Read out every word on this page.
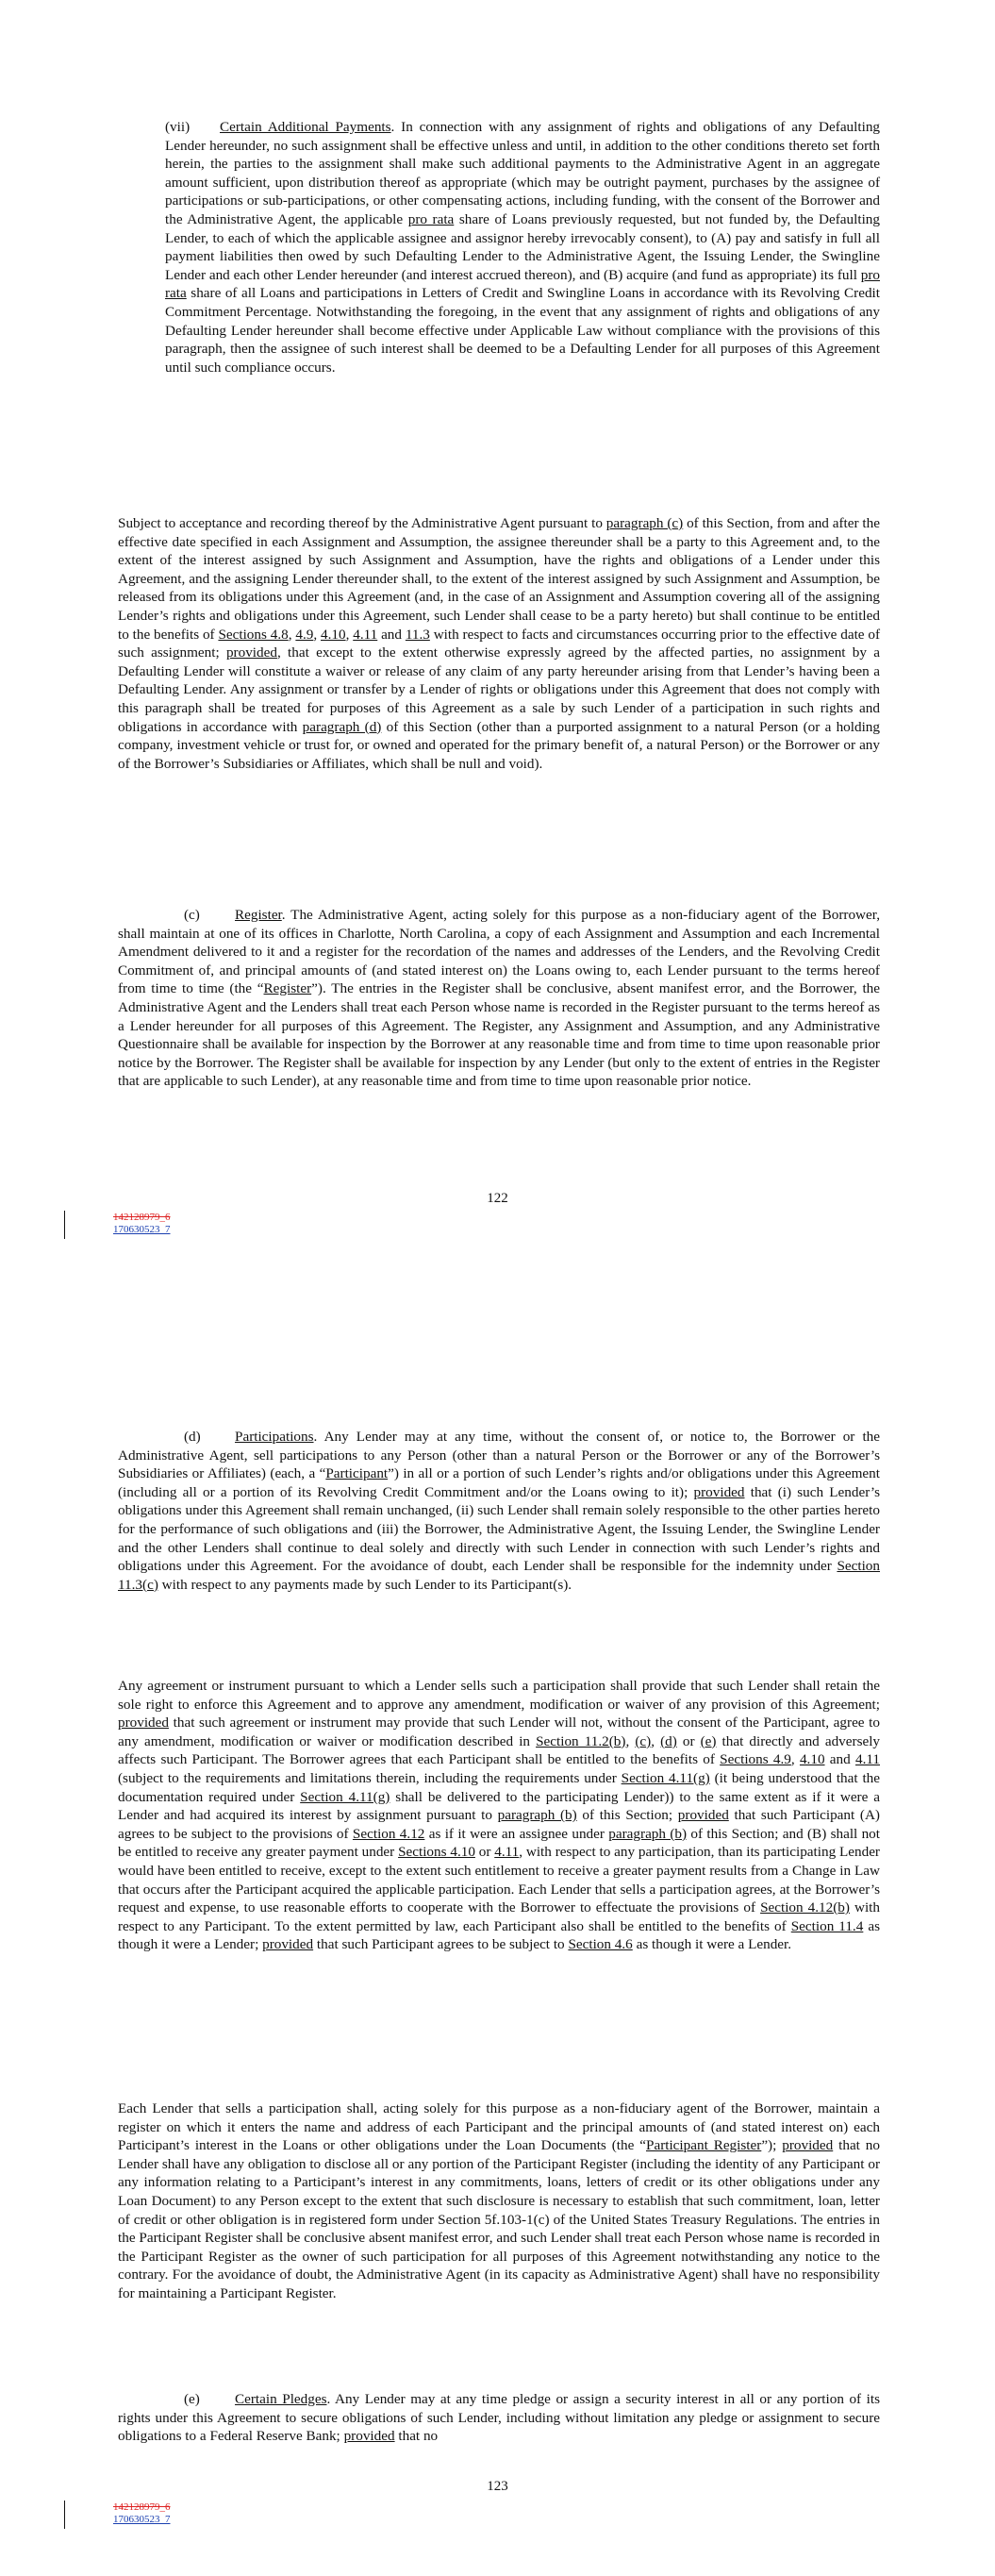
(vii) Certain Additional Payments. In connection with any assignment of rights and obligations of any Defaulting Lender hereunder, no such assignment shall be effective unless and until, in addition to the other conditions thereto set forth herein, the parties to the assignment shall make such additional payments to the Administrative Agent in an aggregate amount sufficient, upon distribution thereof as appropriate (which may be outright payment, purchases by the assignee of participations or sub-participations, or other compensating actions, including funding, with the consent of the Borrower and the Administrative Agent, the applicable pro rata share of Loans previously requested, but not funded by, the Defaulting Lender, to each of which the applicable assignee and assignor hereby irrevocably consent), to (A) pay and satisfy in full all payment liabilities then owed by such Defaulting Lender to the Administrative Agent, the Issuing Lender, the Swingline Lender and each other Lender hereunder (and interest accrued thereon), and (B) acquire (and fund as appropriate) its full pro rata share of all Loans and participations in Letters of Credit and Swingline Loans in accordance with its Revolving Credit Commitment Percentage. Notwithstanding the foregoing, in the event that any assignment of rights and obligations of any Defaulting Lender hereunder shall become effective under Applicable Law without compliance with the provisions of this paragraph, then the assignee of such interest shall be deemed to be a Defaulting Lender for all purposes of this Agreement until such compliance occurs.

Subject to acceptance and recording thereof by the Administrative Agent pursuant to paragraph (c) of this Section, from and after the effective date specified in each Assignment and Assumption, the assignee thereunder shall be a party to this Agreement and, to the extent of the interest assigned by such Assignment and Assumption, have the rights and obligations of a Lender under this Agreement, and the assigning Lender thereunder shall, to the extent of the interest assigned by such Assignment and Assumption, be released from its obligations under this Agreement (and, in the case of an Assignment and Assumption covering all of the assigning Lender’s rights and obligations under this Agreement, such Lender shall cease to be a party hereto) but shall continue to be entitled to the benefits of Sections 4.8, 4.9, 4.10, 4.11 and 11.3 with respect to facts and circumstances occurring prior to the effective date of such assignment; provided, that except to the extent otherwise expressly agreed by the affected parties, no assignment by a Defaulting Lender will constitute a waiver or release of any claim of any party hereunder arising from that Lender’s having been a Defaulting Lender. Any assignment or transfer by a Lender of rights or obligations under this Agreement that does not comply with this paragraph shall be treated for purposes of this Agreement as a sale by such Lender of a participation in such rights and obligations in accordance with paragraph (d) of this Section (other than a purported assignment to a natural Person (or a holding company, investment vehicle or trust for, or owned and operated for the primary benefit of, a natural Person) or the Borrower or any of the Borrower’s Subsidiaries or Affiliates, which shall be null and void).

(c) Register. The Administrative Agent, acting solely for this purpose as a non-fiduciary agent of the Borrower, shall maintain at one of its offices in Charlotte, North Carolina, a copy of each Assignment and Assumption and each Incremental Amendment delivered to it and a register for the recordation of the names and addresses of the Lenders, and the Revolving Credit Commitment of, and principal amounts of (and stated interest on) the Loans owing to, each Lender pursuant to the terms hereof from time to time (the “Register”). The entries in the Register shall be conclusive, absent manifest error, and the Borrower, the Administrative Agent and the Lenders shall treat each Person whose name is recorded in the Register pursuant to the terms hereof as a Lender hereunder for all purposes of this Agreement. The Register, any Assignment and Assumption, and any Administrative Questionnaire shall be available for inspection by the Borrower at any reasonable time and from time to time upon reasonable prior notice by the Borrower. The Register shall be available for inspection by any Lender (but only to the extent of entries in the Register that are applicable to such Lender), at any reasonable time and from time to time upon reasonable prior notice.

122
142128979_6
170630523_7

(d) Participations. Any Lender may at any time, without the consent of, or notice to, the Borrower or the Administrative Agent, sell participations to any Person (other than a natural Person or the Borrower or any of the Borrower’s Subsidiaries or Affiliates) (each, a “Participant”) in all or a portion of such Lender’s rights and/or obligations under this Agreement (including all or a portion of its Revolving Credit Commitment and/or the Loans owing to it); provided that (i) such Lender’s obligations under this Agreement shall remain unchanged, (ii) such Lender shall remain solely responsible to the other parties hereto for the performance of such obligations and (iii) the Borrower, the Administrative Agent, the Issuing Lender, the Swingline Lender and the other Lenders shall continue to deal solely and directly with such Lender in connection with such Lender’s rights and obligations under this Agreement. For the avoidance of doubt, each Lender shall be responsible for the indemnity under Section 11.3(c) with respect to any payments made by such Lender to its Participant(s).

Any agreement or instrument pursuant to which a Lender sells such a participation shall provide that such Lender shall retain the sole right to enforce this Agreement and to approve any amendment, modification or waiver of any provision of this Agreement; provided that such agreement or instrument may provide that such Lender will not, without the consent of the Participant, agree to any amendment, modification or waiver or modification described in Section 11.2(b), (c), (d) or (e) that directly and adversely affects such Participant. The Borrower agrees that each Participant shall be entitled to the benefits of Sections 4.9, 4.10 and 4.11 (subject to the requirements and limitations therein, including the requirements under Section 4.11(g) (it being understood that the documentation required under Section 4.11(g) shall be delivered to the participating Lender)) to the same extent as if it were a Lender and had acquired its interest by assignment pursuant to paragraph (b) of this Section; provided that such Participant (A) agrees to be subject to the provisions of Section 4.12 as if it were an assignee under paragraph (b) of this Section; and (B) shall not be entitled to receive any greater payment under Sections 4.10 or 4.11, with respect to any participation, than its participating Lender would have been entitled to receive, except to the extent such entitlement to receive a greater payment results from a Change in Law that occurs after the Participant acquired the applicable participation. Each Lender that sells a participation agrees, at the Borrower’s request and expense, to use reasonable efforts to cooperate with the Borrower to effectuate the provisions of Section 4.12(b) with respect to any Participant. To the extent permitted by law, each Participant also shall be entitled to the benefits of Section 11.4 as though it were a Lender; provided that such Participant agrees to be subject to Section 4.6 as though it were a Lender.

Each Lender that sells a participation shall, acting solely for this purpose as a non-fiduciary agent of the Borrower, maintain a register on which it enters the name and address of each Participant and the principal amounts of (and stated interest on) each Participant’s interest in the Loans or other obligations under the Loan Documents (the “Participant Register”); provided that no Lender shall have any obligation to disclose all or any portion of the Participant Register (including the identity of any Participant or any information relating to a Participant’s interest in any commitments, loans, letters of credit or its other obligations under any Loan Document) to any Person except to the extent that such disclosure is necessary to establish that such commitment, loan, letter of credit or other obligation is in registered form under Section 5f.103-1(c) of the United States Treasury Regulations. The entries in the Participant Register shall be conclusive absent manifest error, and such Lender shall treat each Person whose name is recorded in the Participant Register as the owner of such participation for all purposes of this Agreement notwithstanding any notice to the contrary. For the avoidance of doubt, the Administrative Agent (in its capacity as Administrative Agent) shall have no responsibility for maintaining a Participant Register.

(e) Certain Pledges. Any Lender may at any time pledge or assign a security interest in all or any portion of its rights under this Agreement to secure obligations of such Lender, including without limitation any pledge or assignment to secure obligations to a Federal Reserve Bank; provided that no

123
142128979_6
170630523_7
